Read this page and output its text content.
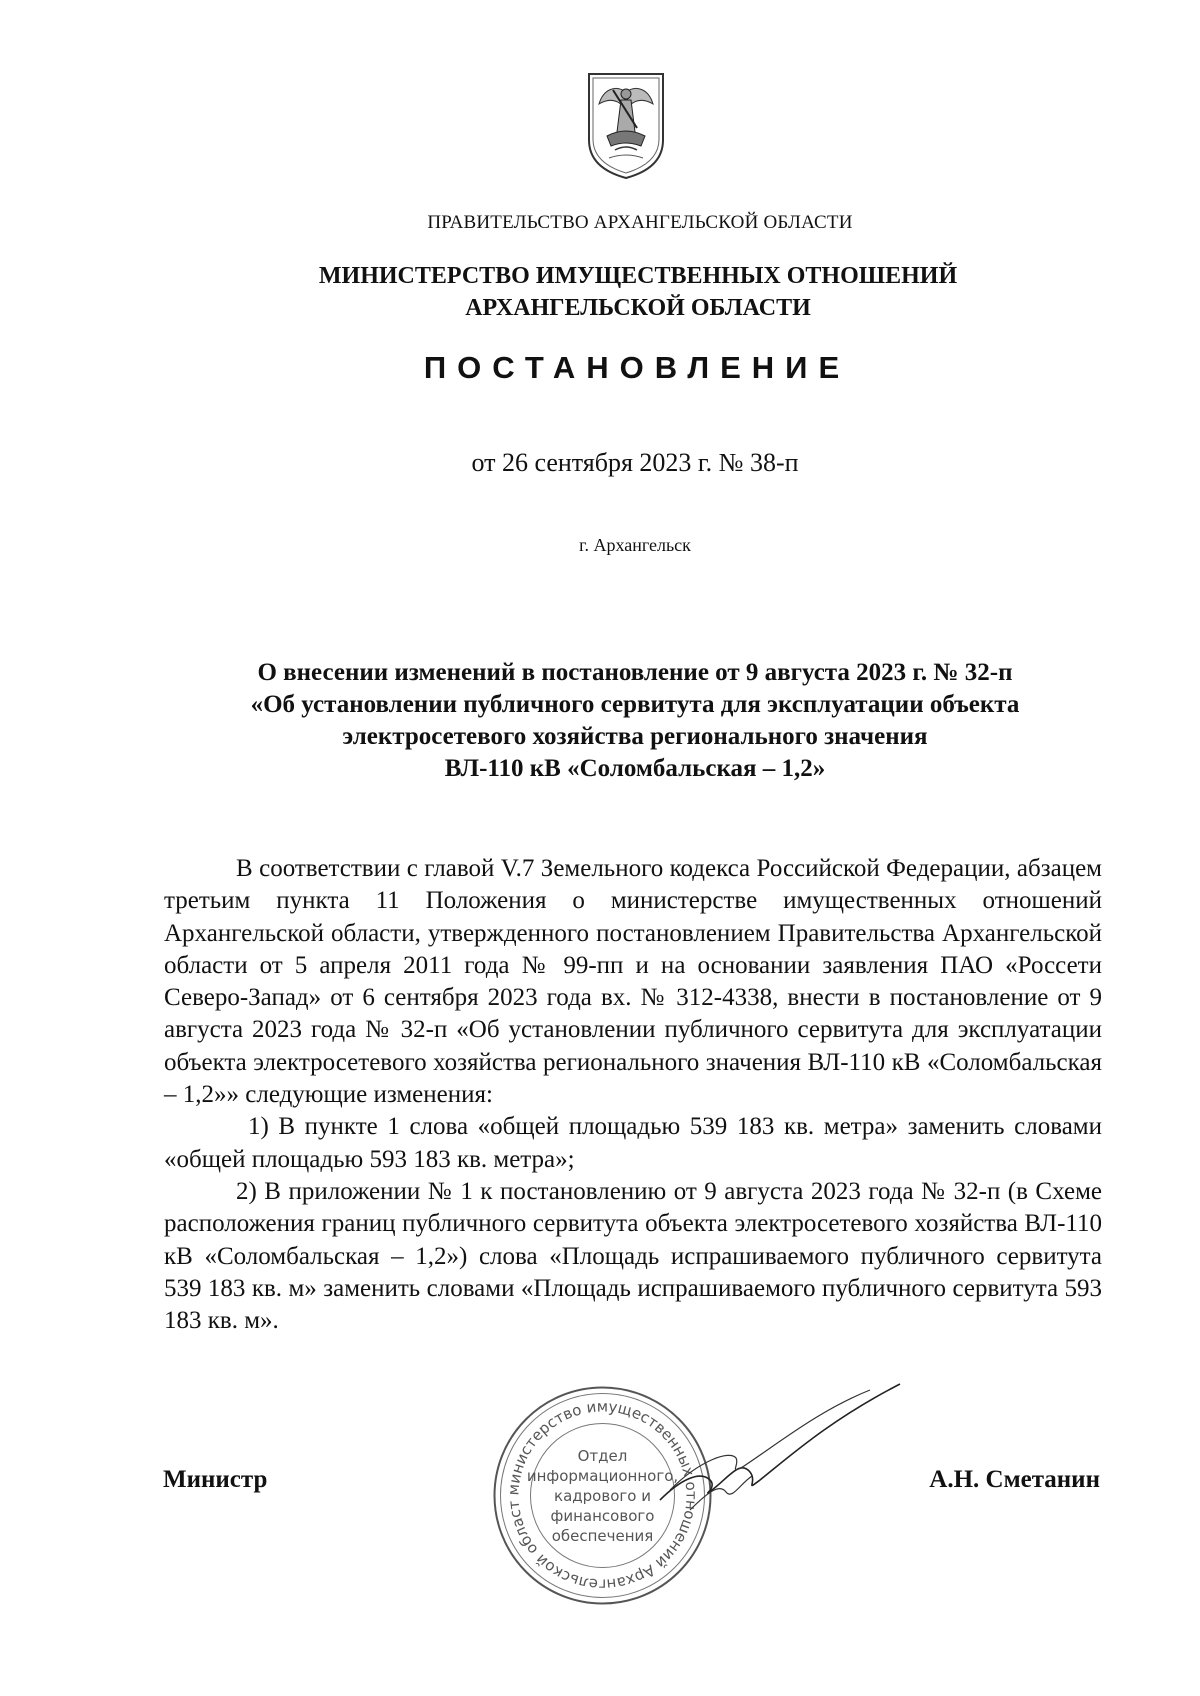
ПРАВИТЕЛЬСТВО АРХАНГЕЛЬСКОЙ ОБЛАСТИ
МИНИСТЕРСТВО ИМУЩЕСТВЕННЫХ ОТНОШЕНИЙ
АРХАНГЕЛЬСКОЙ ОБЛАСТИ
ПОСТАНОВЛЕНИЕ
от 26 сентября 2023 г. № 38-п
г. Архангельск
О внесении изменений в постановление от 9 августа 2023 г. № 32-п
«Об установлении публичного сервитута для эксплуатации объекта
электросетевого хозяйства регионального значения
ВЛ-110 кВ «Соломбальская – 1,2»

В соответствии с главой V.7 Земельного кодекса Российской Федерации, абзацем третьим пункта 11 Положения о министерстве имущественных отношений Архангельской области, утвержденного постановлением Правительства Архангельской области от 5 апреля 2011 года № 99-пп и на основании заявления ПАО «Россети Северо-Запад» от 6 сентября 2023 года вх. № 312-4338, внести в постановление от 9 августа 2023 года № 32-п «Об установлении публичного сервитута для эксплуатации объекта электросетевого хозяйства регионального значения ВЛ-110 кВ «Соломбальская – 1,2»» следующие изменения:

1) В пункте 1 слова «общей площадью 539 183 кв. метра» заменить словами «общей площадью 593 183 кв. метра»;

2) В приложении № 1 к постановлению от 9 августа 2023 года № 32-п (в Схеме расположения границ публичного сервитута объекта электросетевого хозяйства ВЛ-110 кВ «Соломбальская – 1,2») слова «Площадь испрашиваемого публичного сервитута 539 183 кв. м» заменить словами «Площадь испрашиваемого публичного сервитута 593 183 кв. м».

Министр	А.Н. Сметанин
министерство имущественных отношений Архангельской област
Отдел
информационного,
кадрового и
финансового
обеспечения
